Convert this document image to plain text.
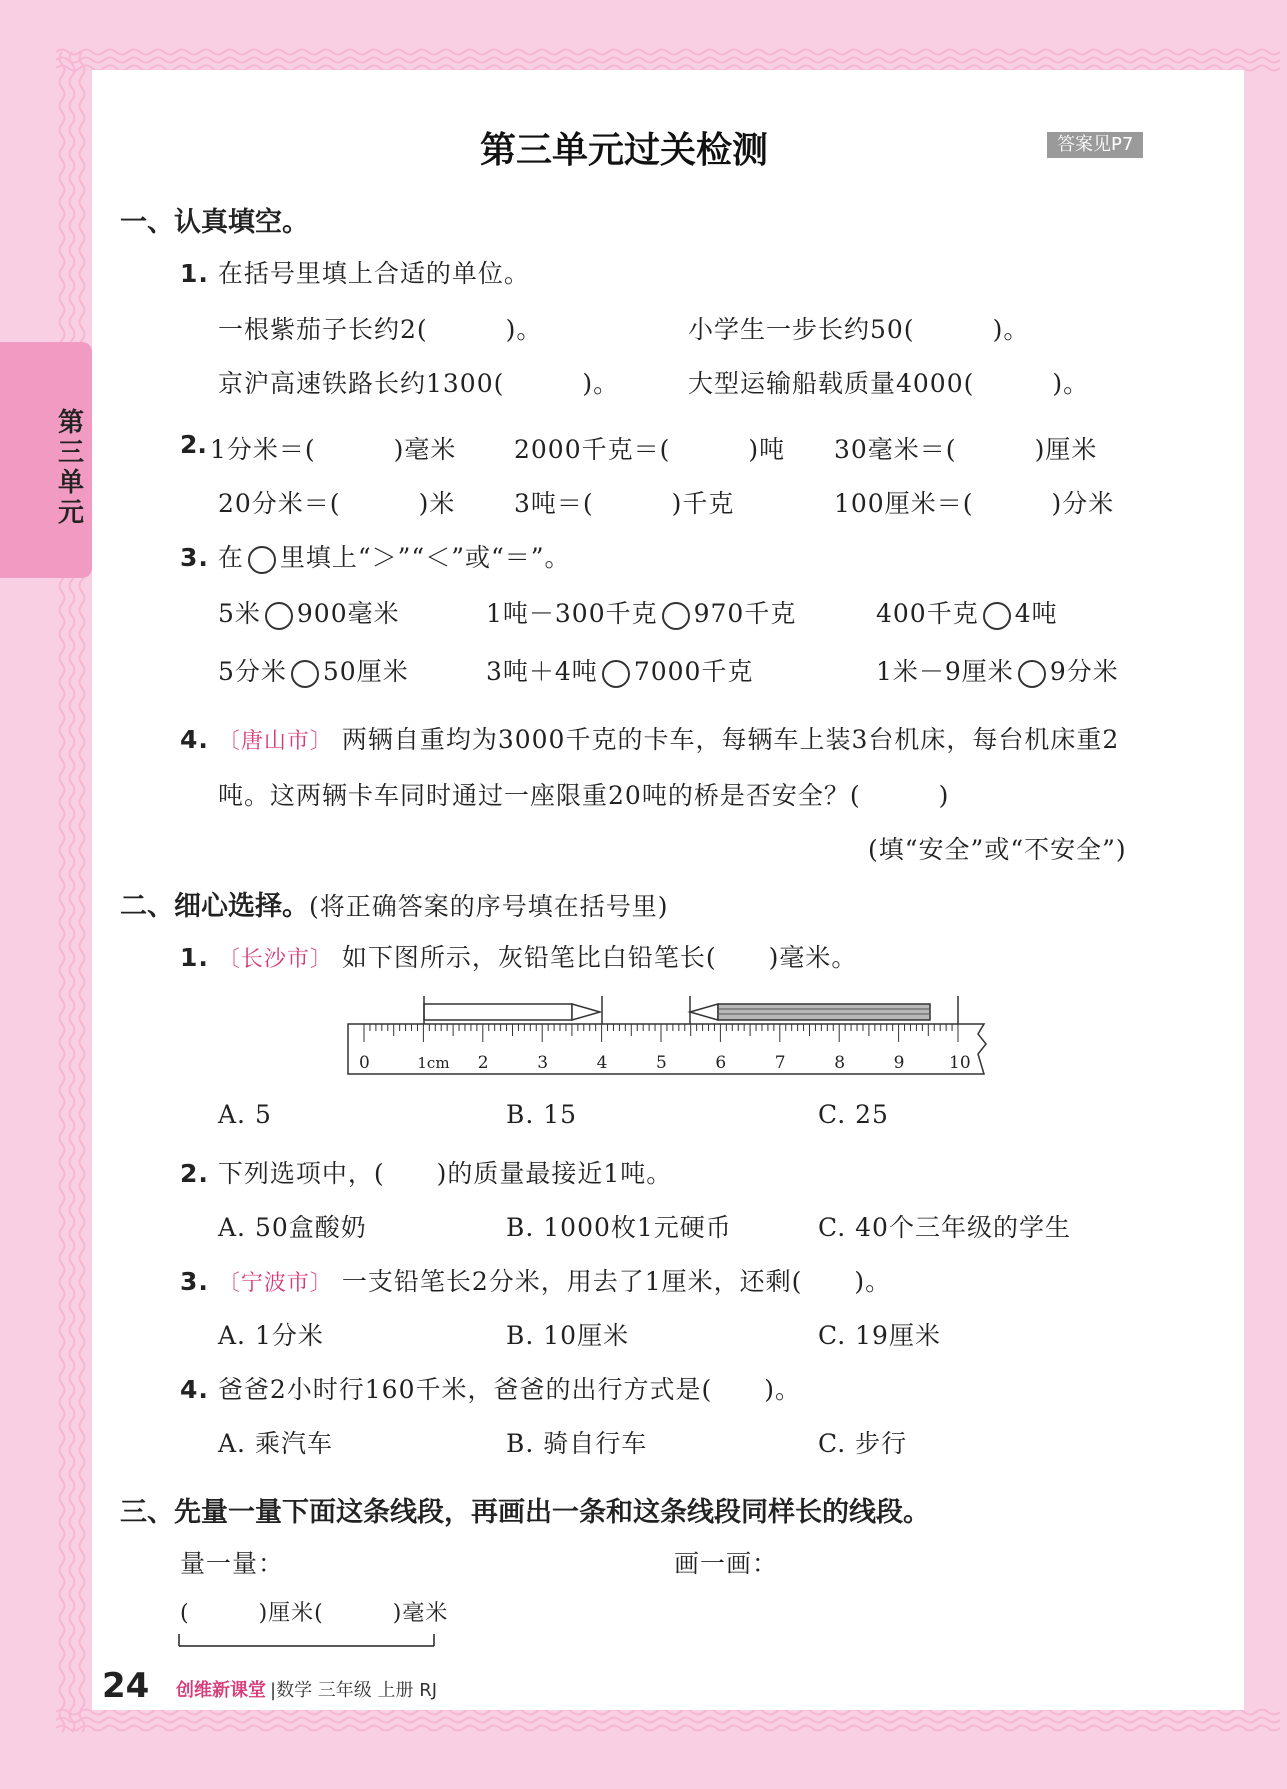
第三单元
第三单元过关检测	答案见P7
一、认真填空。
1. 在括号里填上合适的单位。
一根紫茄子长约2(　　　)。	小学生一步长约50(　　　)。
京沪高速铁路长约1300(　　　)。	大型运输船载质量4000(　　　)。
2. 1分米＝(　　　)毫米 2000千克＝(　　　)吨 30毫米＝(　　　)厘米
20分米＝(　　　)米 3吨＝(　　　)千克	100厘米＝(　　　)分米
3. 在 里填上“＞”“＜”或“＝”。
5米 900毫米	1吨－300千克 970千克	400千克 4吨
5分米 50厘米	3吨＋4吨 7000千克	1米－9厘米 9分米
4. 〔唐山市〕 两辆自重均为3000千克的卡车，每辆车上装3台机床，每台机床重2
吨。这两辆卡车同时通过一座限重20吨的桥是否安全？(　　　)
(填“安全”或“不安全”)
二、细心选择。(将正确答案的序号填在括号里)
1. 〔长沙市〕 如下图所示，灰铅笔比白铅笔长(　　)毫米。
0	1cm 2	3	4	5	6	7	8	9	10
A. 5	B. 15	C. 25
2. 下列选项中，(　　)的质量最接近1吨。
A. 50盒酸奶	B. 1000枚1元硬币	C. 40个三年级的学生
3. 〔宁波市〕 一支铅笔长2分米，用去了1厘米，还剩(　　)。
A. 1分米	B. 10厘米	C. 19厘米
4. 爸爸2小时行160千米，爸爸的出行方式是(　　)。
A. 乘汽车	B. 骑自行车	C. 步行
三、先量一量下面这条线段，再画出一条和这条线段同样长的线段。
量一量：	画一画：
(　　　)厘米(　　　)毫米
24 创维新课堂 |数学 三年级 上册 RJ
